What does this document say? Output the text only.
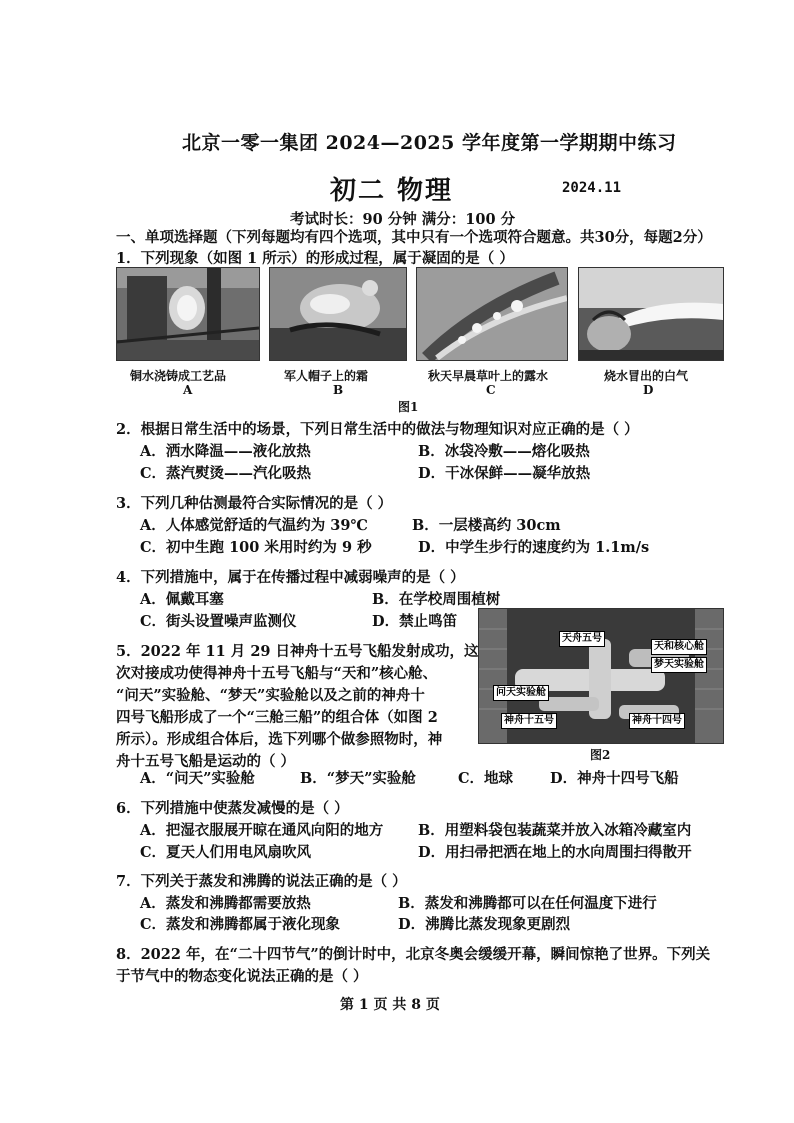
北京一零一集团 2024—2025 学年度第一学期期中练习
初二 物理	2024.11
考试时长：90 分钟 满分：100 分
一、单项选择题（下列每题均有四个选项，其中只有一个选项符合题意。共30分，每题2分）
1．下列现象（如图 1 所示）的形成过程，属于凝固的是（ ）
铜水浇铸成工艺品
A
军人帽子上的霜
B
秋天早晨草叶上的露水
C
烧水冒出的白气
D
图1
2．根据日常生活中的场景，下列日常生活中的做法与物理知识对应正确的是（ ）
A．洒水降温——液化放热	B．冰袋冷敷——熔化吸热
C．蒸汽熨烫——汽化吸热	D．干冰保鲜——凝华放热
3．下列几种估测最符合实际情况的是（ ）
A．人体感觉舒适的气温约为 39℃	B．一层楼高约 30cm
C．初中生跑 100 米用时约为 9 秒	D．中学生步行的速度约为 1.1m/s
4．下列措施中，属于在传播过程中减弱噪声的是（ ）
A．佩戴耳塞	B．在学校周围植树
C．街头设置噪声监测仪	D．禁止鸣笛
5．2022 年 11 月 29 日神舟十五号飞船发射成功，这
次对接成功使得神舟十五号飞船与“天和”核心舱、
“问天”实验舱、“梦天”实验舱以及之前的神舟十
四号飞船形成了一个“三舱三船”的组合体（如图 2
所示）。形成组合体后，选下列哪个做参照物时，神
舟十五号飞船是运动的（ ）
天舟五号
天和核心舱
梦天实验舱
问天实验舱
神舟十五号	神舟十四号
图2
A．“问天”实验舱	B．“梦天”实验舱	C．地球	D．神舟十四号飞船
6．下列措施中使蒸发减慢的是（ ）
A．把湿衣服展开晾在通风向阳的地方 B．用塑料袋包装蔬菜并放入冰箱冷藏室内
C．夏天人们用电风扇吹风	D．用扫帚把洒在地上的水向周围扫得散开
7．下列关于蒸发和沸腾的说法正确的是（ ）
A．蒸发和沸腾都需要放热	B．蒸发和沸腾都可以在任何温度下进行
C．蒸发和沸腾都属于液化现象	D．沸腾比蒸发现象更剧烈
8．2022 年，在“二十四节气”的倒计时中，北京冬奥会缓缓开幕，瞬间惊艳了世界。下列关
于节气中的物态变化说法正确的是（ ）
第 1 页 共 8 页
